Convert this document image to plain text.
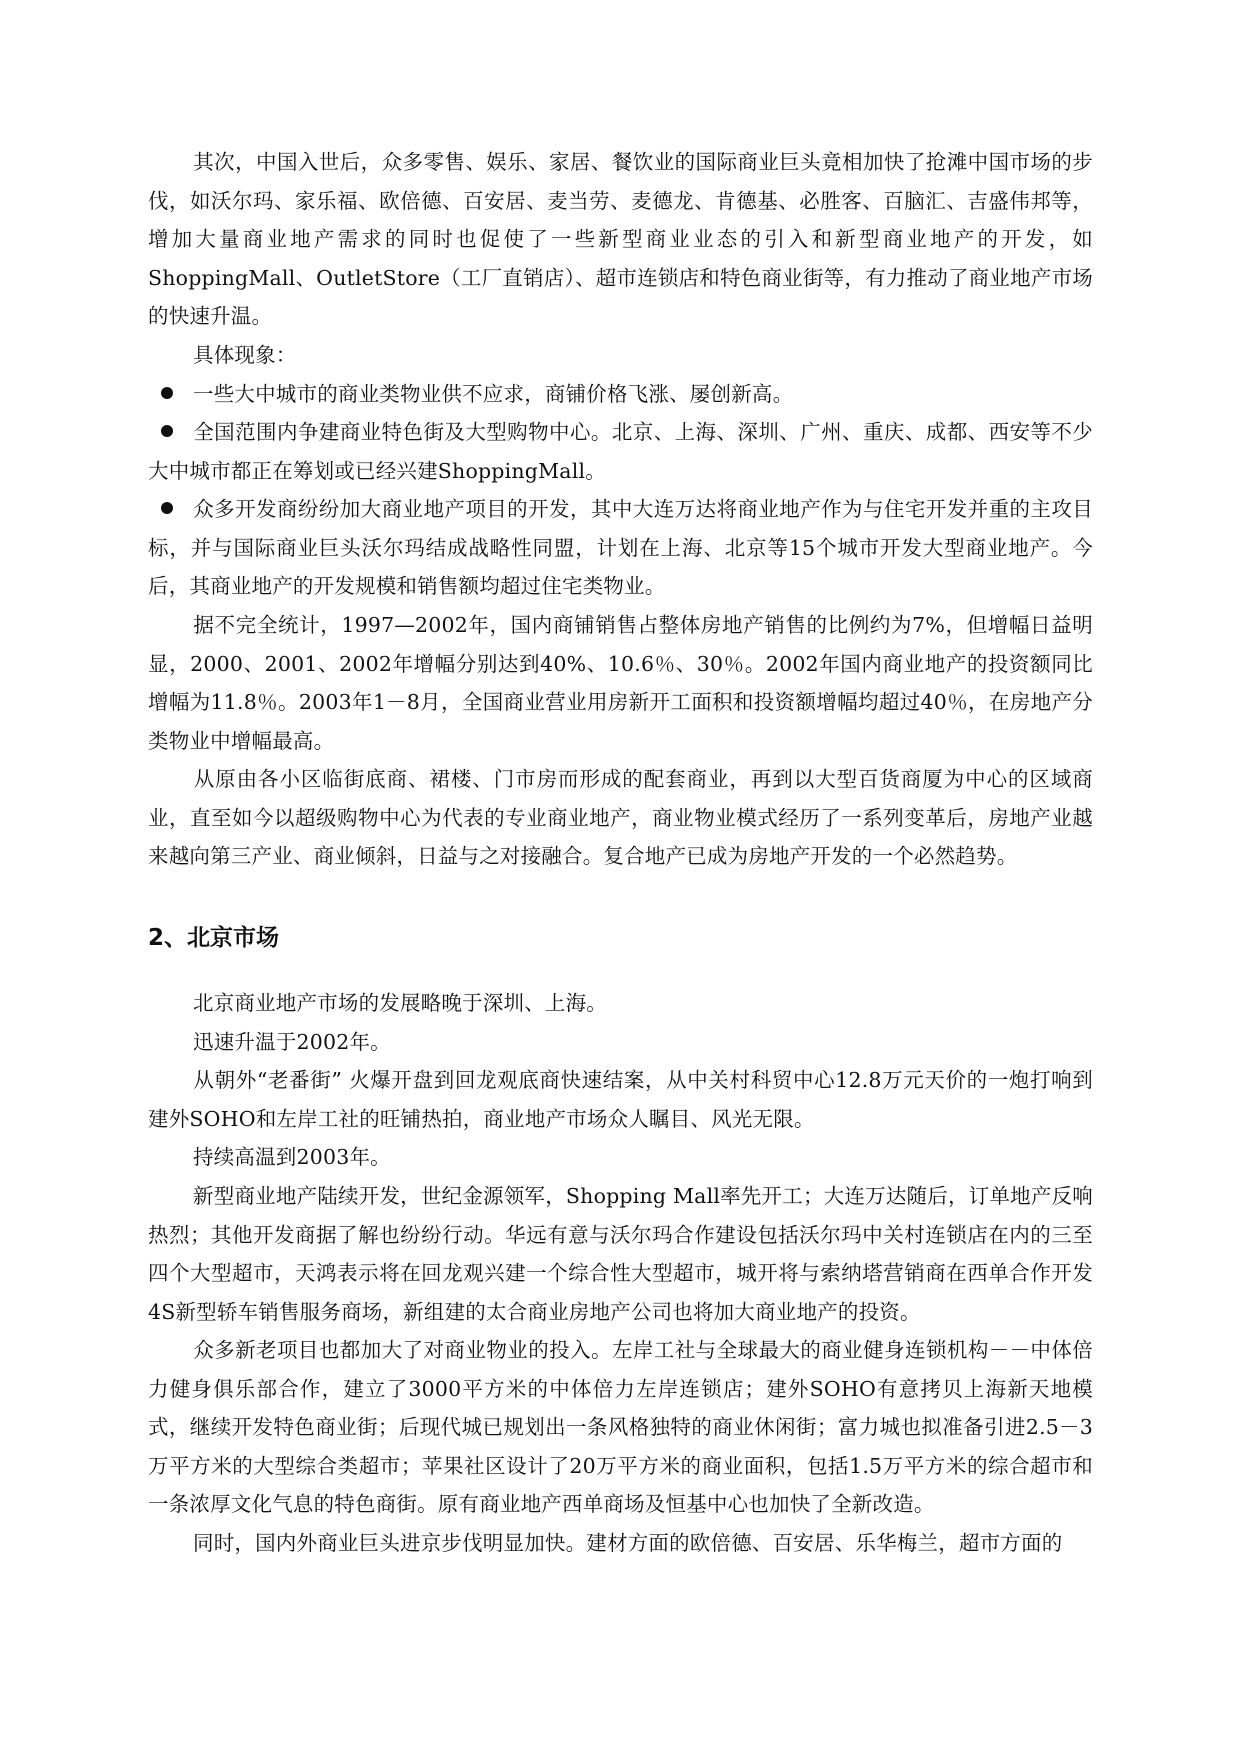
其次，中国入世后，众多零售、娱乐、家居、餐饮业的国际商业巨头竟相加快了抢滩中国市场的步伐，如沃尔玛、家乐福、欧倍德、百安居、麦当劳、麦德龙、肯德基、必胜客、百脑汇、吉盛伟邦等，增加大量商业地产需求的同时也促使了一些新型商业业态的引入和新型商业地产的开发，如ShoppingMall、OutletStore（工厂直销店）、超市连锁店和特色商业街等，有力推动了商业地产市场的快速升温。

具体现象：

一些大中城市的商业类物业供不应求，商铺价格飞涨、屡创新高。

全国范围内争建商业特色街及大型购物中心。北京、上海、深圳、广州、重庆、成都、西安等不少大中城市都正在筹划或已经兴建ShoppingMall。

众多开发商纷纷加大商业地产项目的开发，其中大连万达将商业地产作为与住宅开发并重的主攻目标，并与国际商业巨头沃尔玛结成战略性同盟，计划在上海、北京等15个城市开发大型商业地产。今后，其商业地产的开发规模和销售额均超过住宅类物业。

据不完全统计，1997—2002年，国内商铺销售占整体房地产销售的比例约为7%，但增幅日益明显，2000、2001、2002年增幅分别达到40%、10.6％、30％。2002年国内商业地产的投资额同比增幅为11.8％。2003年1－8月，全国商业营业用房新开工面积和投资额增幅均超过40％，在房地产分类物业中增幅最高。

从原由各小区临街底商、裙楼、门市房而形成的配套商业，再到以大型百货商厦为中心的区域商业，直至如今以超级购物中心为代表的专业商业地产，商业物业模式经历了一系列变革后，房地产业越来越向第三产业、商业倾斜，日益与之对接融合。复合地产已成为房地产开发的一个必然趋势。

2、北京市场

北京商业地产市场的发展略晚于深圳、上海。

迅速升温于2002年。

从朝外“老番街” 火爆开盘到回龙观底商快速结案，从中关村科贸中心12.8万元天价的一炮打响到建外SOHO和左岸工社的旺铺热拍，商业地产市场众人瞩目、风光无限。

持续高温到2003年。

新型商业地产陆续开发，世纪金源领军，Shopping Mall率先开工；大连万达随后，订单地产反响热烈；其他开发商据了解也纷纷行动。华远有意与沃尔玛合作建设包括沃尔玛中关村连锁店在内的三至四个大型超市，天鸿表示将在回龙观兴建一个综合性大型超市，城开将与索纳塔营销商在西单合作开发4S新型轿车销售服务商场，新组建的太合商业房地产公司也将加大商业地产的投资。

众多新老项目也都加大了对商业物业的投入。左岸工社与全球最大的商业健身连锁机构－－中体倍力健身俱乐部合作，建立了3000平方米的中体倍力左岸连锁店；建外SOHO有意拷贝上海新天地模式，继续开发特色商业街；后现代城已规划出一条风格独特的商业休闲街；富力城也拟准备引进2.5－3万平方米的大型综合类超市；苹果社区设计了20万平方米的商业面积，包括1.5万平方米的综合超市和一条浓厚文化气息的特色商街。原有商业地产西单商场及恒基中心也加快了全新改造。

同时，国内外商业巨头进京步伐明显加快。建材方面的欧倍德、百安居、乐华梅兰，超市方面的
